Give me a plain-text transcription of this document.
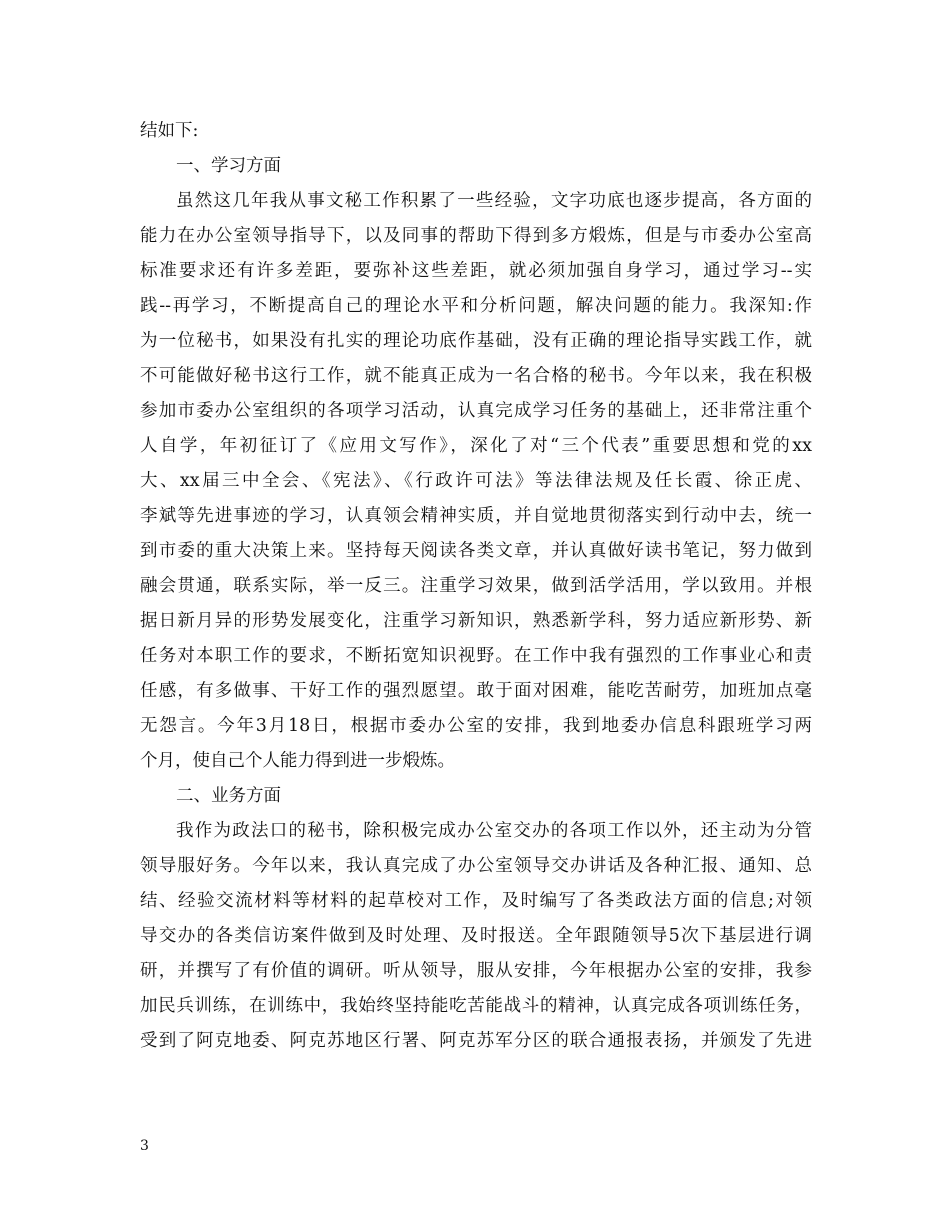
结如下:
一、学习方面
虽然这几年我从事文秘工作积累了一些经验，文字功底也逐步提高，各方面的
能力在办公室领导指导下，以及同事的帮助下得到多方煅炼，但是与市委办公室高
标准要求还有许多差距，要弥补这些差距，就必须加强自身学习，通过学习--实
践--再学习，不断提高自己的理论水平和分析问题，解决问题的能力。我深知:作
为一位秘书，如果没有扎实的理论功底作基础，没有正确的理论指导实践工作，就
不可能做好秘书这行工作，就不能真正成为一名合格的秘书。今年以来，我在积极
参加市委办公室组织的各项学习活动，认真完成学习任务的基础上，还非常注重个
人自学，年初征订了《应用文写作》，深化了对“三个代表”重要思想和党的xx
大、xx届三中全会、《宪法》、《行政许可法》等法律法规及任长霞、徐正虎、
李斌等先进事迹的学习，认真领会精神实质，并自觉地贯彻落实到行动中去，统一
到市委的重大决策上来。坚持每天阅读各类文章，并认真做好读书笔记，努力做到
融会贯通，联系实际，举一反三。注重学习效果，做到活学活用，学以致用。并根
据日新月异的形势发展变化，注重学习新知识，熟悉新学科，努力适应新形势、新
任务对本职工作的要求，不断拓宽知识视野。在工作中我有强烈的工作事业心和责
任感，有多做事、干好工作的强烈愿望。敢于面对困难，能吃苦耐劳，加班加点毫
无怨言。今年3月18日，根据市委办公室的安排，我到地委办信息科跟班学习两
个月，使自己个人能力得到进一步煅炼。
二、业务方面
我作为政法口的秘书，除积极完成办公室交办的各项工作以外，还主动为分管
领导服好务。今年以来，我认真完成了办公室领导交办讲话及各种汇报、通知、总
结、经验交流材料等材料的起草校对工作，及时编写了各类政法方面的信息;对领
导交办的各类信访案件做到及时处理、及时报送。全年跟随领导5次下基层进行调
研，并撰写了有价值的调研。听从领导，服从安排，今年根据办公室的安排，我参
加民兵训练，在训练中，我始终坚持能吃苦能战斗的精神，认真完成各项训练任务，
受到了阿克地委、阿克苏地区行署、阿克苏军分区的联合通报表扬，并颁发了先进
3
